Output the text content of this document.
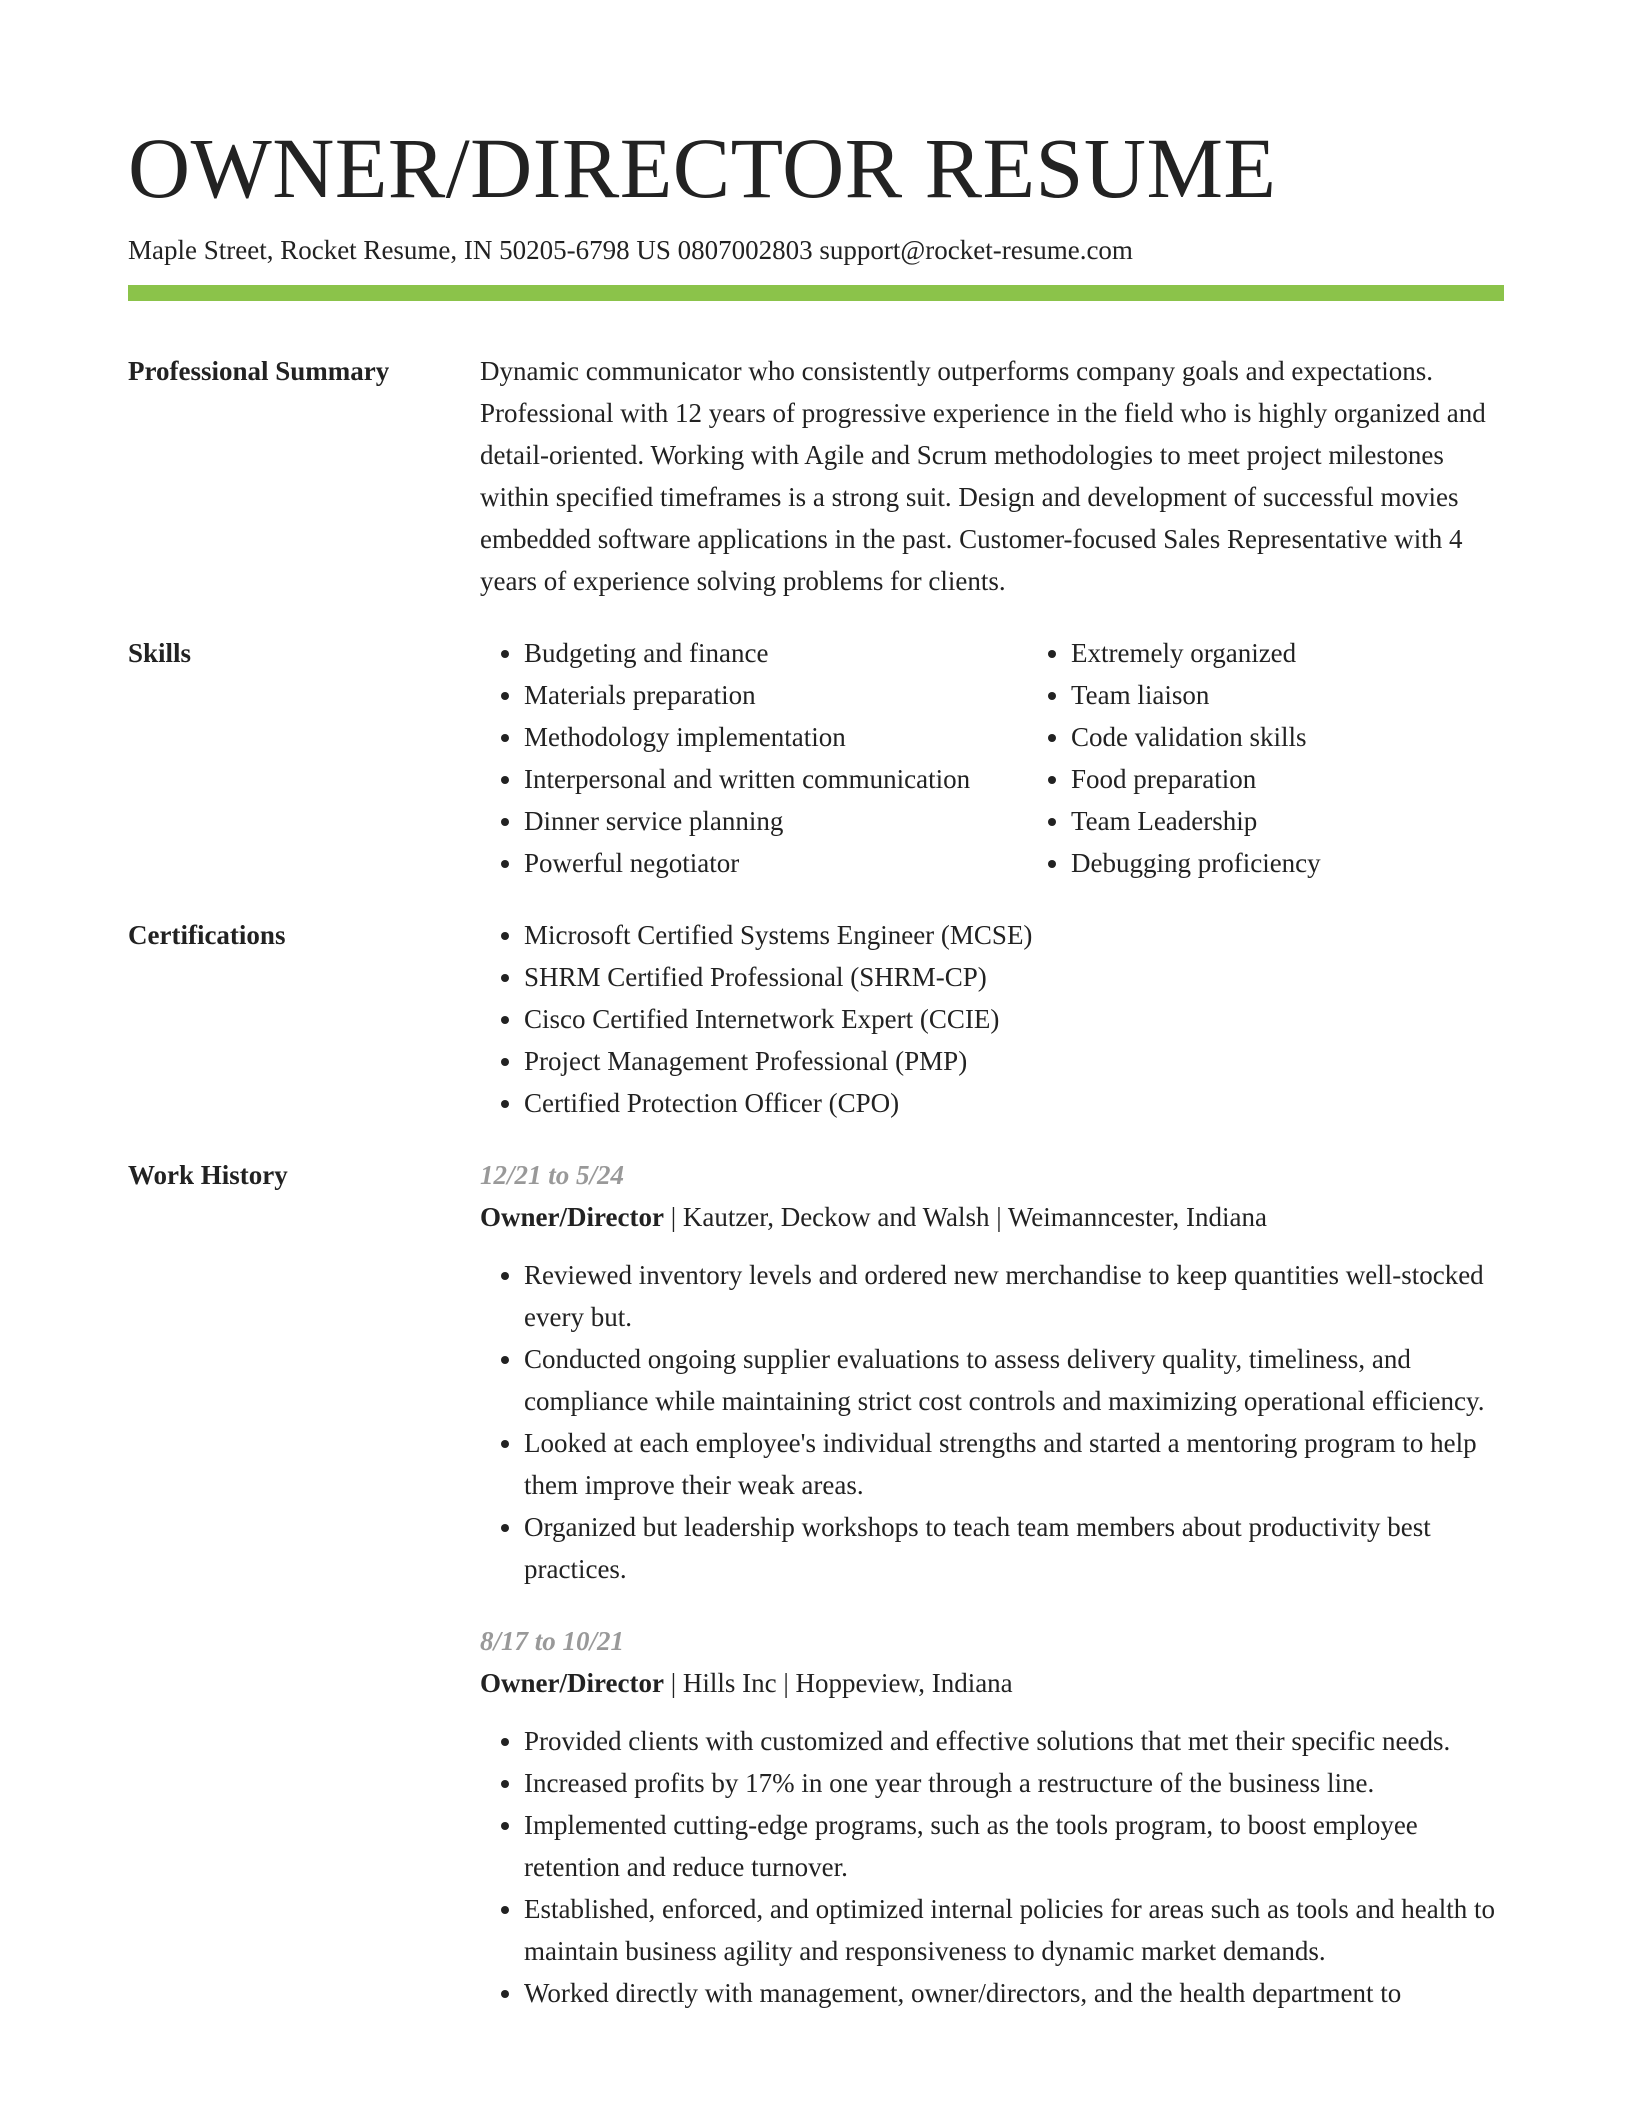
OWNER/DIRECTOR RESUME
Maple Street, Rocket Resume, IN 50205-6798 US 0807002803 support@rocket-resume.com
Professional Summary	Dynamic communicator who consistently outperforms company goals and expectations. Professional with 12 years of progressive experience in the field who is highly organized and detail-oriented. Working with Agile and Scrum methodologies to meet project milestones within specified timeframes is a strong suit. Design and development of successful movies embedded software applications in the past. Customer-focused Sales Representative with 4 years of experience solving problems for clients.

Skills	• Budgeting and finance
• Materials preparation
• Methodology implementation
• Interpersonal and written communication
• Dinner service planning
• Powerful negotiator
• Extremely organized
• Team liaison
• Code validation skills
• Food preparation
• Team Leadership
• Debugging proficiency
Certifications	• Microsoft Certified Systems Engineer (MCSE)
• SHRM Certified Professional (SHRM-CP)
• Cisco Certified Internetwork Expert (CCIE)
• Project Management Professional (PMP)
• Certified Protection Officer (CPO)
Work History	12/21 to 5/24
Owner/Director | Kautzer, Deckow and Walsh | Weimanncester, Indiana
• Reviewed inventory levels and ordered new merchandise to keep quantities well-stocked every but.
• Conducted ongoing supplier evaluations to assess delivery quality, timeliness, and compliance while maintaining strict cost controls and maximizing operational efficiency.
• Looked at each employee's individual strengths and started a mentoring program to help them improve their weak areas.
• Organized but leadership workshops to teach team members about productivity best practices.
8/17 to 10/21
Owner/Director | Hills Inc | Hoppeview, Indiana
• Provided clients with customized and effective solutions that met their specific needs.
• Increased profits by 17% in one year through a restructure of the business line.
• Implemented cutting-edge programs, such as the tools program, to boost employee retention and reduce turnover.
• Established, enforced, and optimized internal policies for areas such as tools and health to maintain business agility and responsiveness to dynamic market demands.
• Worked directly with management, owner/directors, and the health department to
